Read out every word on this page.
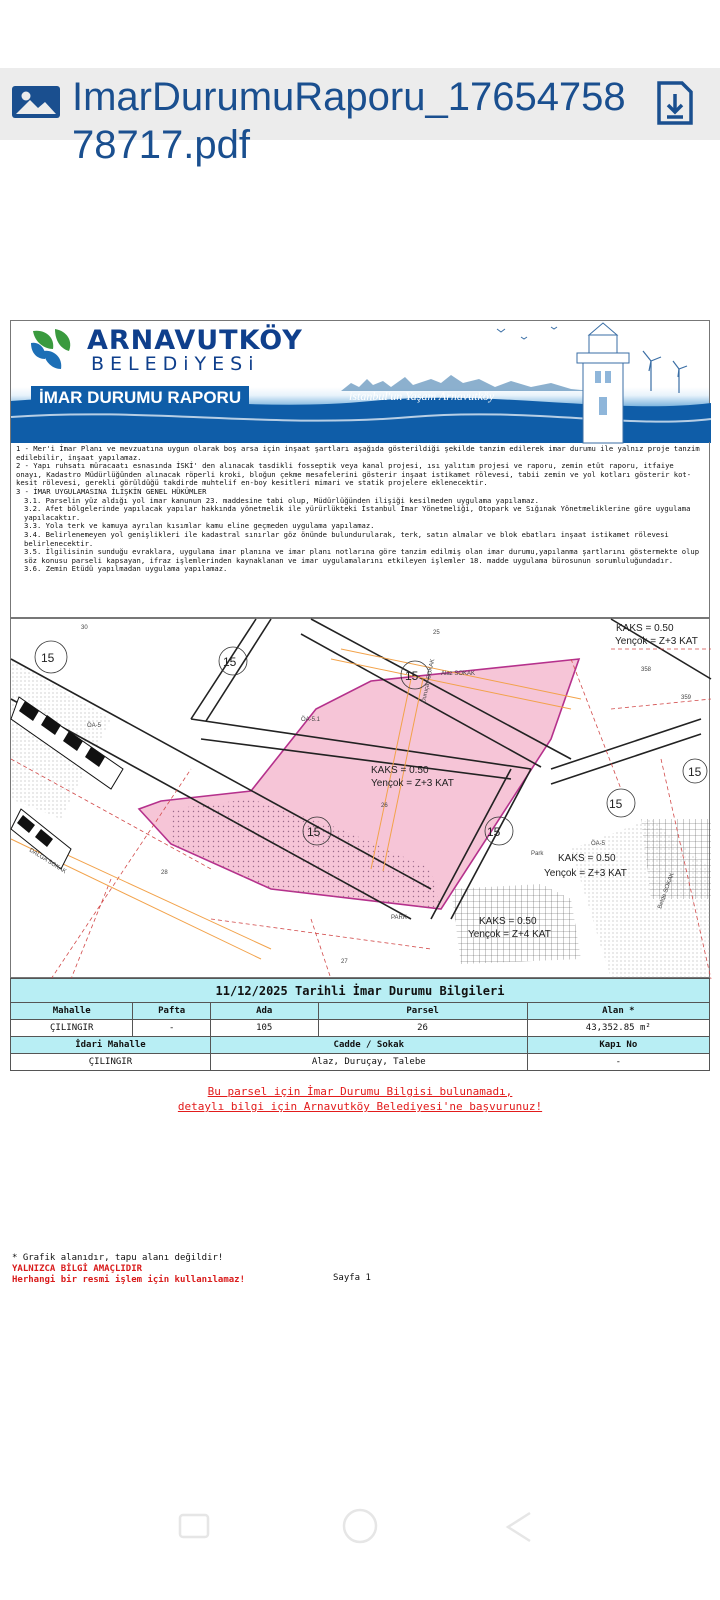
ImarDurumuRaporu_176547587871​7.pdf
ARNAVUTKÖY
BELEDiYESi
İMAR DURUMU RAPORU	istanbul'un Yaşam Arnavutköy

1 - Mer'i İmar Planı ve mevzuatına uygun olarak boş arsa için inşaat şartları aşağıda gösterildiği şekilde tanzim edilerek imar durumu ile yalnız proje tanzim edilebilir, inşaat yapılamaz.

2 - Yapı ruhsatı müracaatı esnasında İSKİ' den alınacak tasdikli fosseptik veya kanal projesi, ısı yalıtım projesi ve raporu, zemin etüt raporu, itfaiye onayı, Kadastro Müdürlüğünden alınacak röperli kroki, bloğun çekme mesafelerini gösterir inşaat istikamet rölevesi, tabii zemin ve yol kotları gösterir kot-kesit rölevesi, gerekli görüldüğü takdirde muhtelif en-boy kesitleri mimari ve statik projelere eklenecektir.

3 - İMAR UYGULAMASINA İLİŞKİN GENEL HÜKÜMLER

3.1. Parselin yüz aldığı yol imar kanunun 23. maddesine tabi olup, Müdürlüğünden ilişiği kesilmeden uygulama yapılamaz.

3.2. Afet bölgelerinde yapılacak yapılar hakkında yönetmelik ile yürürlükteki İstanbul İmar Yönetmeliği, Otopark ve Sığınak Yönetmeliklerine göre uygulama yapılacaktır.

3.3. Yola terk ve kamuya ayrılan kısımlar kamu eline geçmeden uygulama yapılamaz.

3.4. Belirlenemeyen yol genişlikleri ile kadastral sınırlar göz önünde bulundurularak, terk, satın almalar ve blok ebatları inşaat istikamet rölevesi belirlenecektir.

3.5. İlgilisinin sunduğu evraklara, uygulama imar planına ve imar planı notlarına göre tanzim edilmiş olan imar durumu,yapılanma şartlarını göstermekte olup söz konusu parseli kapsayan, ifraz işlemlerinden kaynaklanan ve imar uygulamalarını etkileyen işlemler 18. madde uygulama bürosunun sorumluluğundadır.

3.6. Zemin Etüdü yapılmadan uygulama yapılamaz.

15	15
15
15	15
15
15
KAKS = 0.50
Yençok = Z+3 KAT
KAKS = 0.50
Yençok = Z+3 KAT
KAKS = 0.50
Yençok = Z+3 KAT
KAKS = 0.50
Yençok = Z+4 KAT
Alaz SOKAK
Duruçay SOKAK
DALGA SOKAK
Belde SOKAK
PARK
Park
26
25
27
28
30
358
359
ÖA-5.1
ÖA-5
ÖA-5
11/12/2025 Tarihli İmar Durumu Bilgileri				
Mahalle	Pafta	Ada	Parsel	Alan *
ÇILINGIR	-	105	26	43,352.85 m²
İdari Mahalle		Cadde / Sokak		Kapı No
ÇILINGIR		Alaz, Duruçay, Talebe		-
Bu parsel için İmar Durumu Bilgisi bulunamadı,
detaylı bilgi için Arnavutköy Belediyesi'ne başvurunuz!
* Grafik alanıdır, tapu alanı değildir!
YALNIZCA BİLGİ AMAÇLIDIR
Herhangi bir resmi işlem için kullanılamaz!	Sayfa 1
